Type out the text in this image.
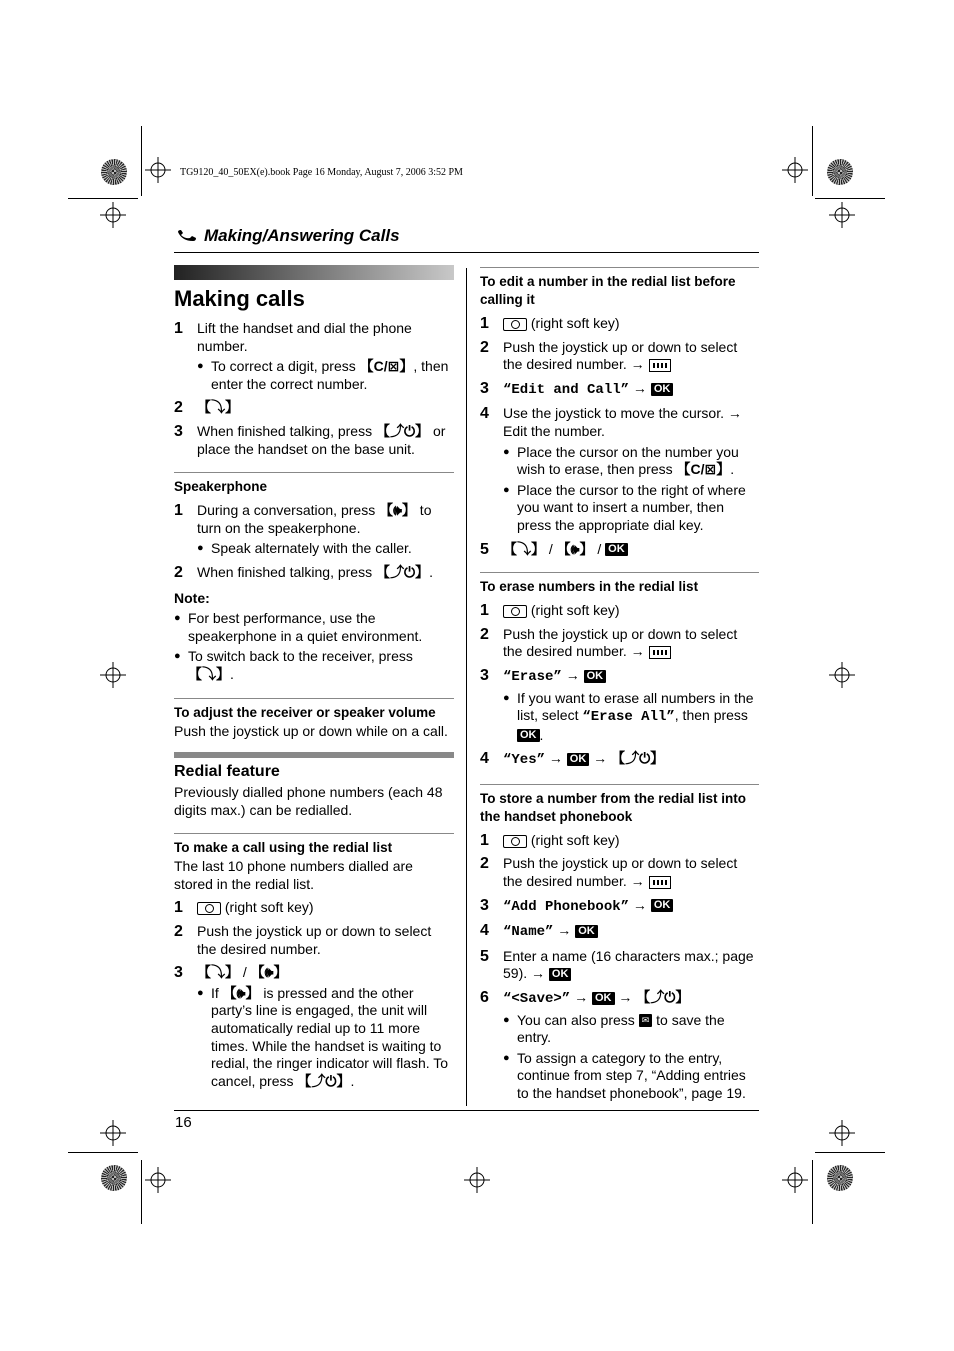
TG9120_40_50EX(e).book Page 16 Monday, August 7, 2006 3:52 PM
Making/Answering Calls
Making calls
1	Lift the handset and dial the phone number.
● To correct a digit, press 【C/⊠】, then enter the correct number.
2	【⤵】
3	When finished talking, press 【⤴⏻】 or place the handset on the base unit.
Speakerphone
1	During a conversation, press 【🕪】 to turn on the speakerphone.
● Speak alternately with the caller.
2	When finished talking, press 【⤴⏻】.
Note:
● For best performance, use the speakerphone in a quiet environment.
● To switch back to the receiver, press 【⤵】.
To adjust the receiver or speaker volume
Push the joystick up or down while on a call.
Redial feature
Previously dialled phone numbers (each 48 digits max.) can be redialled.
To make a call using the redial list
The last 10 phone numbers dialled are stored in the redial list.
1	(right soft key)
2	Push the joystick up or down to select the desired number.
3	【⤵】 / 【🕪】
● If 【🕪】 is pressed and the other party’s line is engaged, the unit will automatically redial up to 11 more times. While the handset is waiting to redial, the ringer indicator will flash. To cancel, press 【⤴⏻】.
To edit a number in the redial list before calling it
1	(right soft key)
2	Push the joystick up or down to select the desired number. →
3	“Edit and Call” → OK
4	Use the joystick to move the cursor. → Edit the number.
● Place the cursor on the number you wish to erase, then press 【C/⊠】.
● Place the cursor to the right of where you want to insert a number, then press the appropriate dial key.
5	【⤵】 / 【🕪】 / OK
To erase numbers in the redial list
1	(right soft key)
2	Push the joystick up or down to select the desired number. →
3	“Erase” → OK
● If you want to erase all numbers in the list, select “Erase All”, then press OK .
4	“Yes” → OK → 【⤴⏻】
To store a number from the redial list into the handset phonebook
1	(right soft key)
2	Push the joystick up or down to select the desired number. →
3	“Add Phonebook” → OK
4	“Name” → OK
5	Enter a name (16 characters max.; page 59). → OK
6	“<Save>” → OK → 【⤴⏻】
● You can also press ✉ to save the entry.
● To assign a category to the entry, continue from step 7, “Adding entries to the handset phonebook”, page 19.
16
